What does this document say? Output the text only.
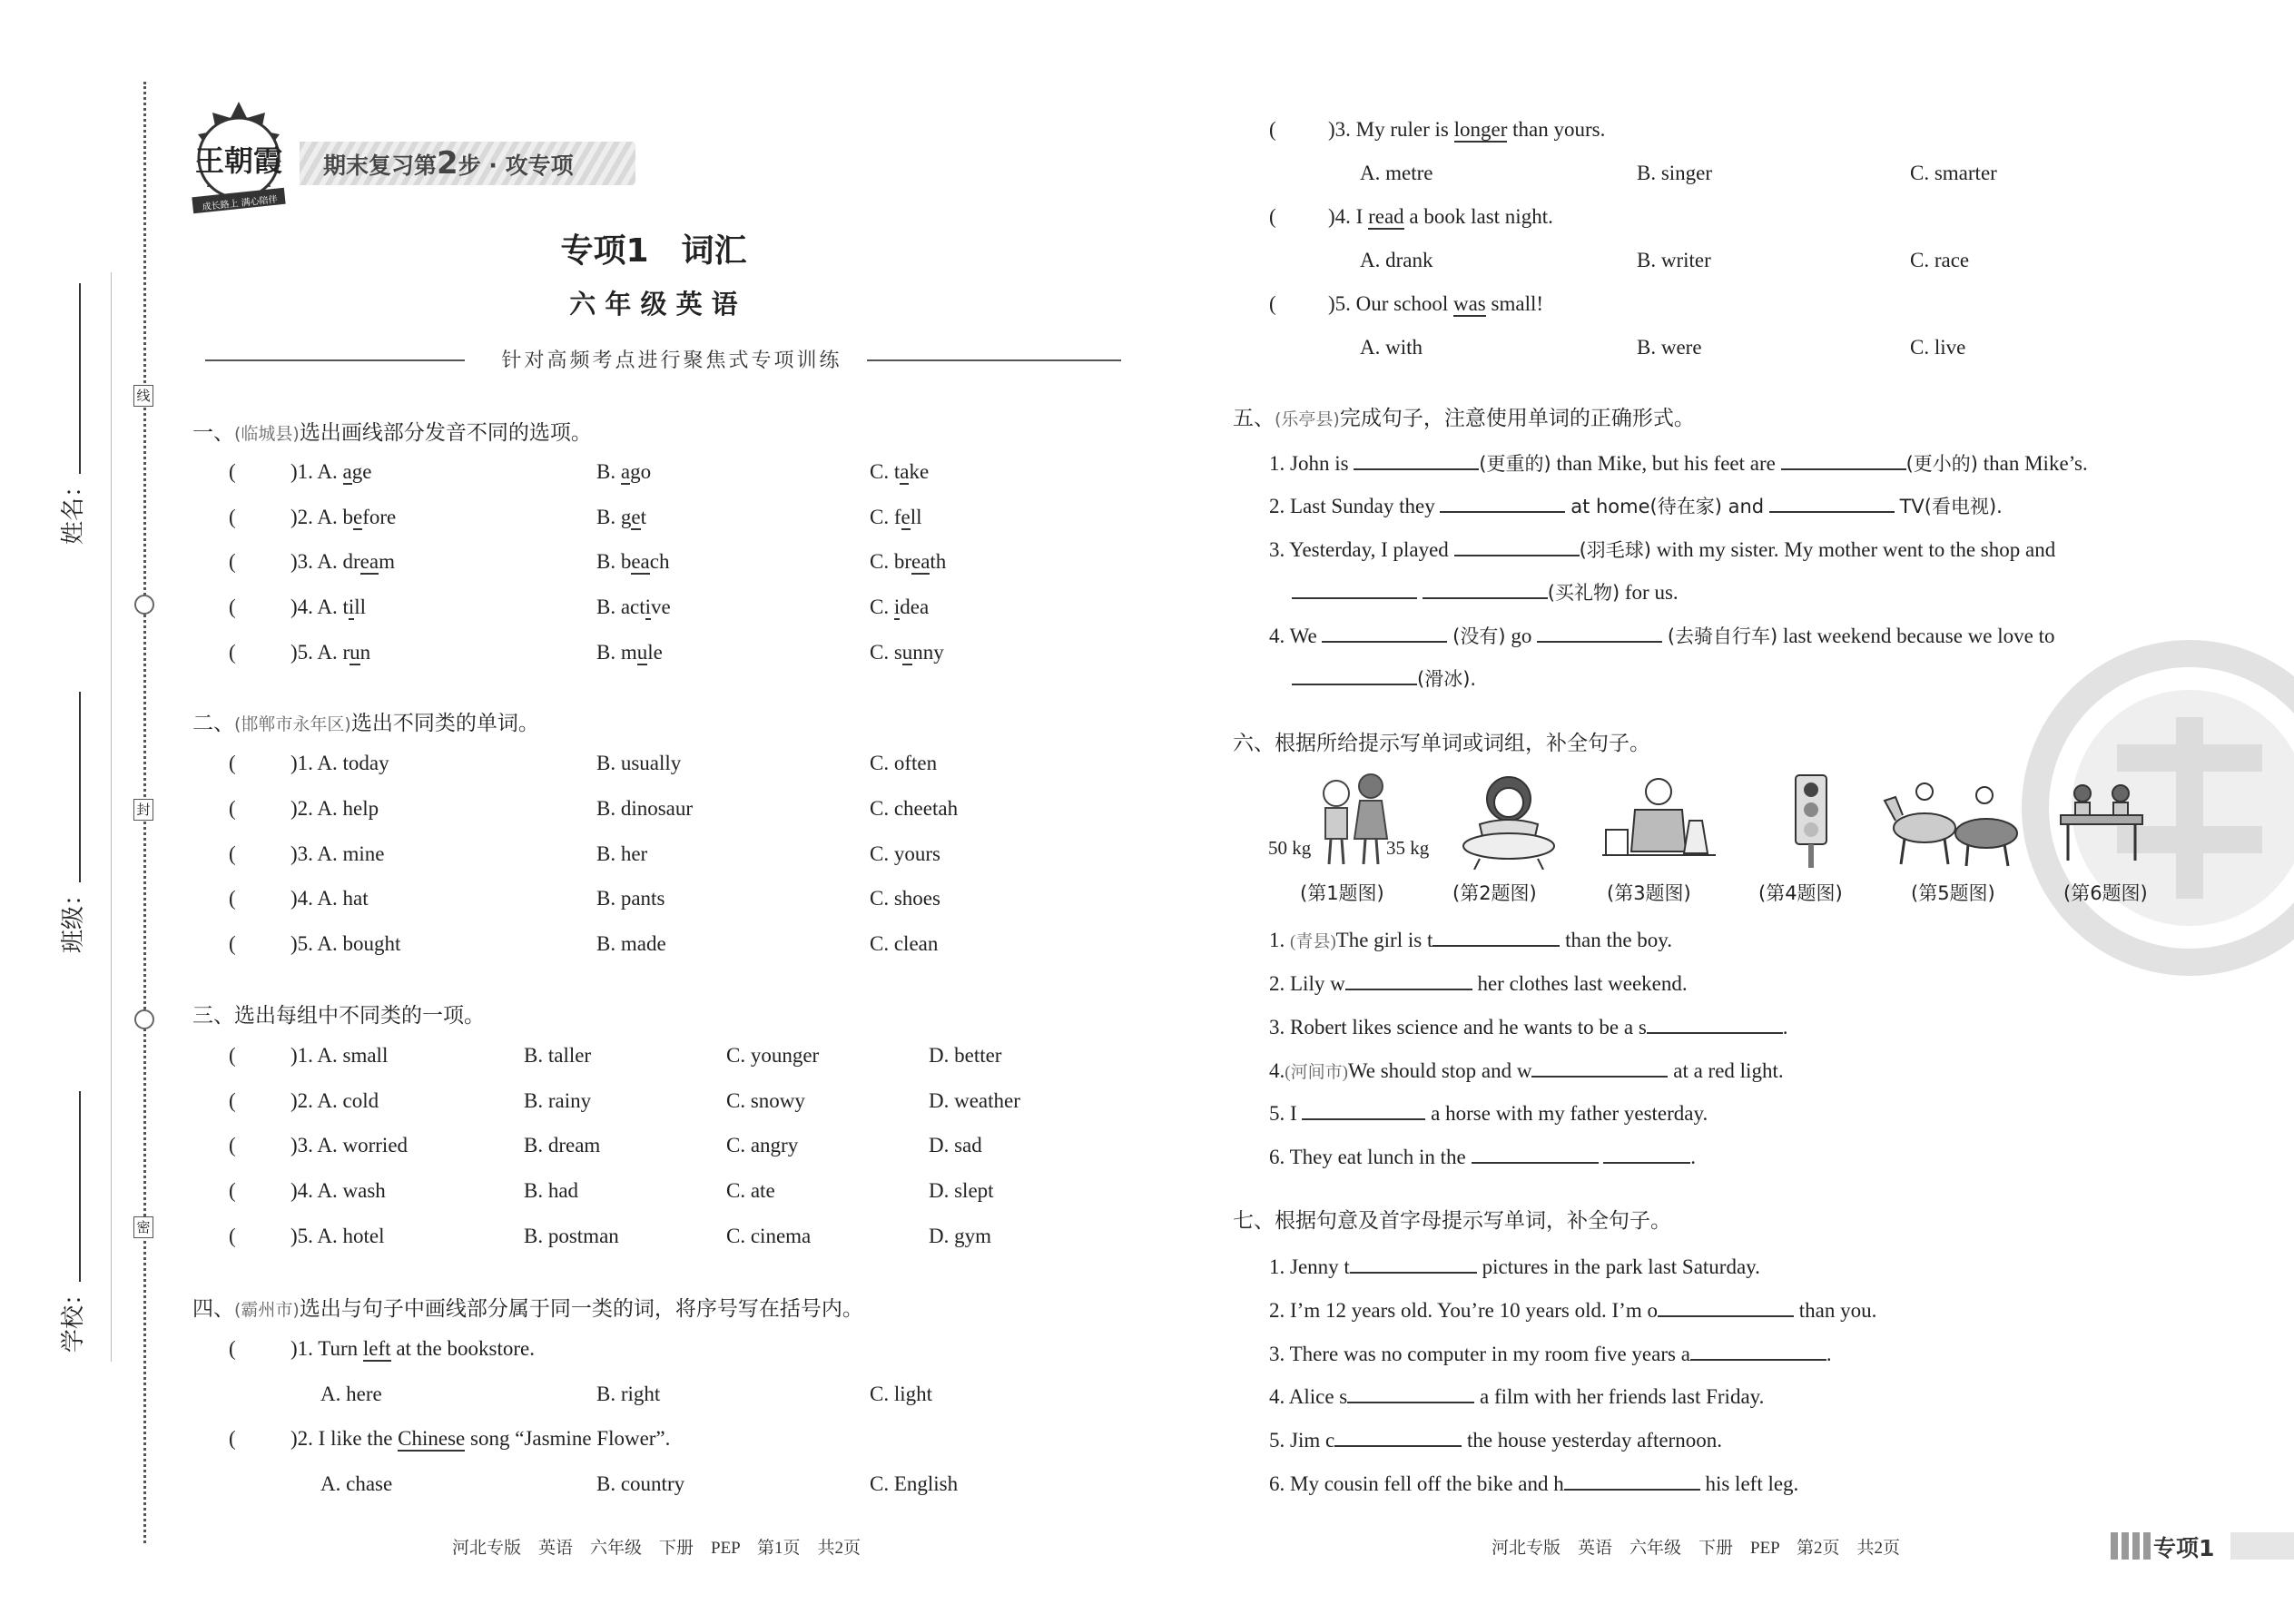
线
封
密
姓名：
班级：
学校：
王朝霞
成长路上 满心陪伴
期末复习第2步 · 攻专项
专项1　词汇
六 年 级 英 语
针对高频考点进行聚焦式专项训练
一、(临城县)选出画线部分发音不同的选项。
(	)1. A. age	B. ago	C. take
(	)2. A. before	B. get	C. fell
(	)3. A. dream	B. beach	C. breath
(	)4. A. till	B. active	C. idea
(	)5. A. run	B. mule	C. sunny
二、(邯郸市永年区)选出不同类的单词。
(	)1. A. today	B. usually	C. often
(	)2. A. help	B. dinosaur	C. cheetah
(	)3. A. mine	B. her	C. yours
(	)4. A. hat	B. pants	C. shoes
(	)5. A. bought	B. made	C. clean
三、选出每组中不同类的一项。
(	)1. A. small	B. taller	C. younger	D. better
(	)2. A. cold	B. rainy	C. snowy	D. weather
(	)3. A. worried	B. dream	C. angry	D. sad
(	)4. A. wash	B. had	C. ate	D. slept
(	)5. A. hotel	B. postman	C. cinema	D. gym
四、(霸州市)选出与句子中画线部分属于同一类的词，将序号写在括号内。
(	)1. Turn left at the bookstore.
A. here	B. right	C. light
(	)2. I like the Chinese song “Jasmine Flower”.
A. chase	B. country	C. English
河北专版　英语　六年级　下册　PEP　第1页　共2页
( )3. My ruler is longer than yours.
A. metre	B. singer	C. smarter
( )4. I read a book last night.
A. drank	B. writer	C. race
( )5. Our school was small!
A. with	B. were	C. live
五、(乐亭县)完成句子，注意使用单词的正确形式。
1. John is	(更重的) than Mike, but his feet are	(更小的) than Mike’s.
2. Last Sunday they	at home(待在家) and	TV(看电视).
3. Yesterday, I played	(羽毛球) with my sister. My mother went to the shop and
(买礼物) for us.
4. We	(没有) go	(去骑自行车) last weekend because we love to
(滑冰).
六、根据所给提示写单词或词组，补全句子。
50 kg	35 kg
(第1题图)	(第2题图)	(第3题图)	(第4题图)	(第5题图)	(第6题图)
1. (青县)The girl is t	than the boy.
2. Lily w	her clothes last weekend.
3. Robert likes science and he wants to be a s	.
4.(河间市)We should stop and w	at a red light.
5. I	a horse with my father yesterday.
6. They eat lunch in the	.
七、根据句意及首字母提示写单词，补全句子。
1. Jenny t	pictures in the park last Saturday.
2. I’m 12 years old. You’re 10 years old. I’m o	than you.
3. There was no computer in my room five years a	.
4. Alice s	a film with her friends last Friday.
5. Jim c	the house yesterday afternoon.
6. My cousin fell off the bike and h	his left leg.
河北专版　英语　六年级　下册　PEP　第2页　共2页	专项1
